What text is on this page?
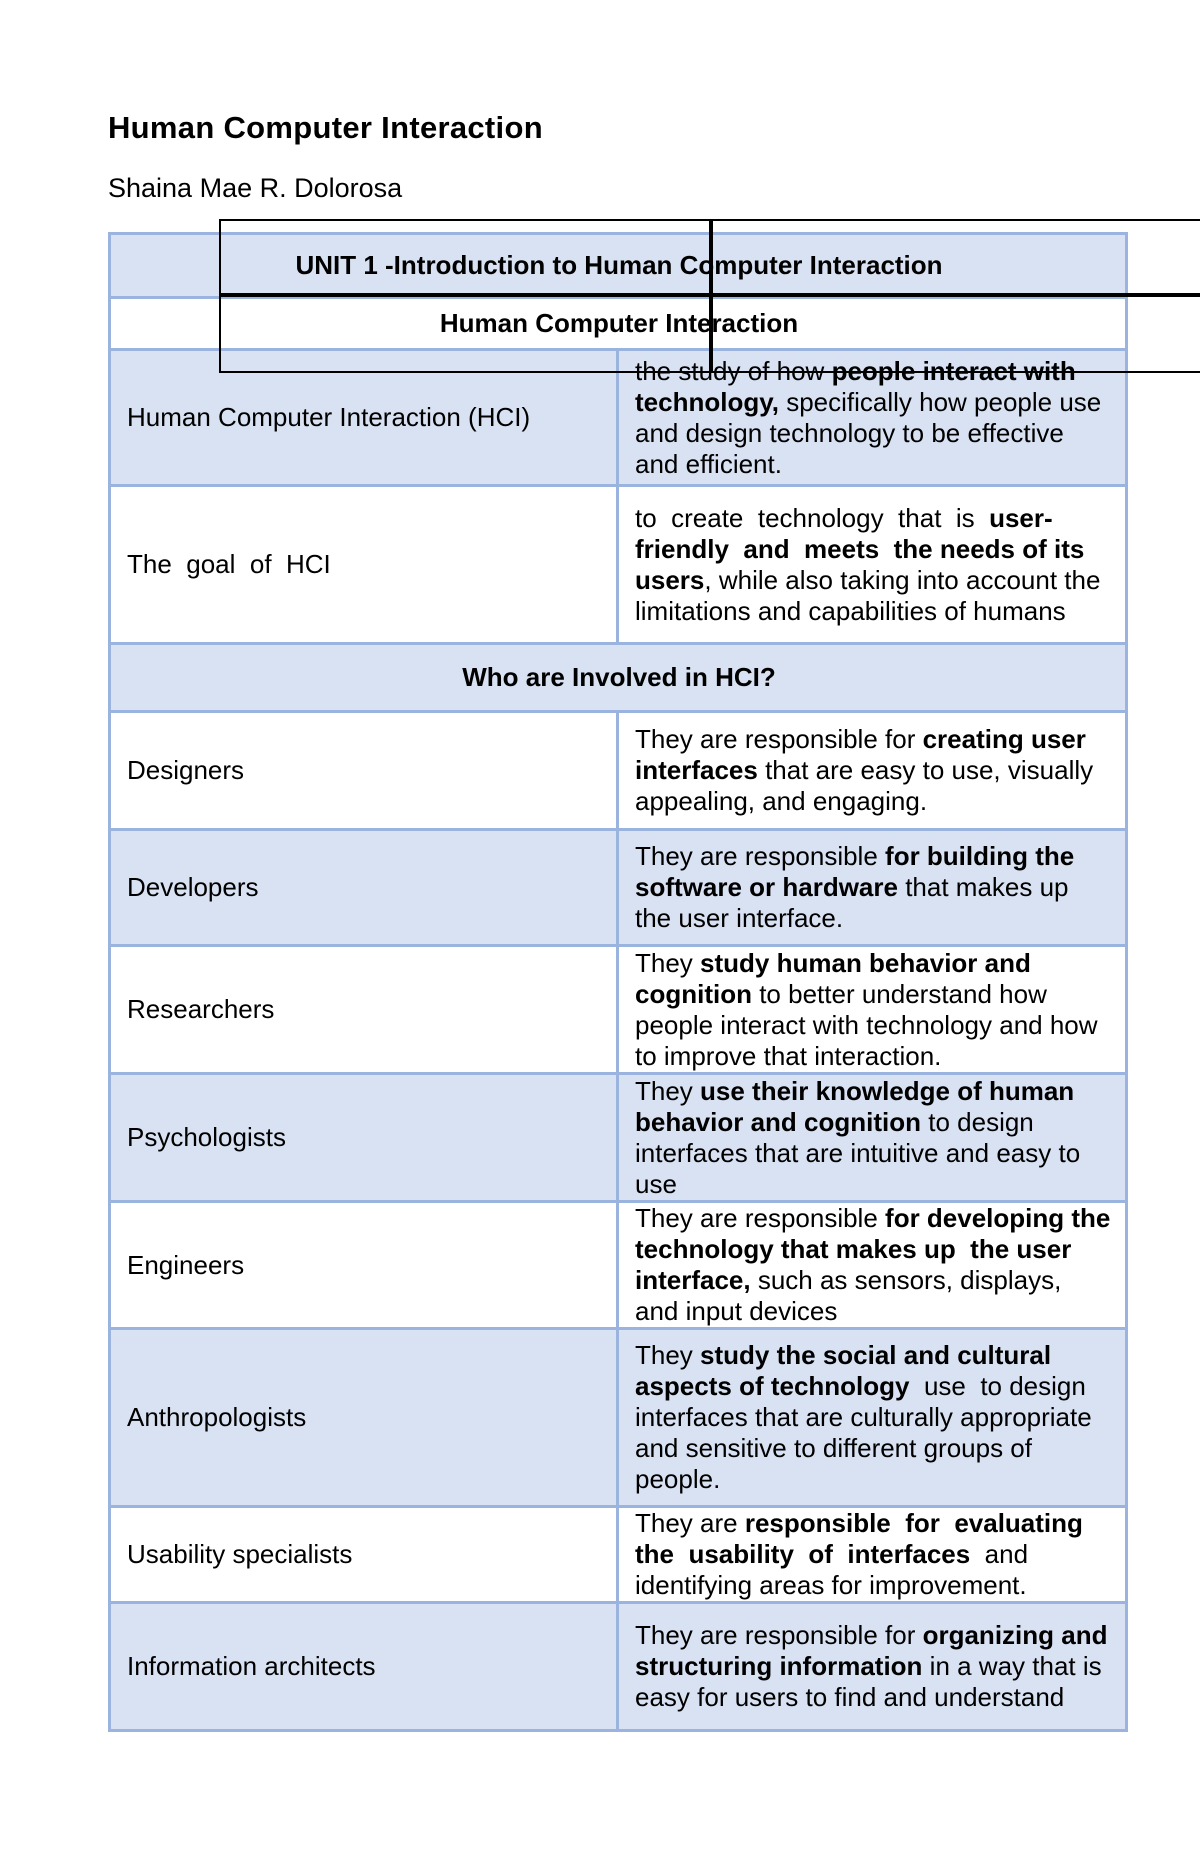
Human Computer Interaction
Shaina Mae R. Dolorosa
UNIT 1 -Introduction to Human Computer Interaction	
Human Computer Interaction	
Human Computer Interaction (HCI)	the study of how people interact with technology, specifically how people use and design technology to be effective and efficient.
The  goal  of  HCI	to  create  technology  that  is  user-friendly  and  meets  the needs of its users, while also taking into account the limitations and capabilities of humans
Who are Involved in HCI?	
Designers	They are responsible for creating user interfaces that are easy to use, visually appealing, and engaging.
Developers	They are responsible for building the software or hardware that makes up the user interface.
Researchers	They study human behavior and cognition to better understand how people interact with technology and how to improve that interaction.
Psychologists	They use their knowledge of human behavior and cognition to design interfaces that are intuitive and easy to use
Engineers	They are responsible for developing the technology that makes up  the user interface, such as sensors, displays, and input devices
Anthropologists	They study the social and cultural aspects of technology  use  to design interfaces that are culturally appropriate and sensitive to different groups of people.
Usability specialists	They are responsible  for  evaluating  the  usability  of  interfaces  and identifying areas for improvement.
Information architects	They are responsible for organizing and structuring information in a way that is easy for users to find and understand
